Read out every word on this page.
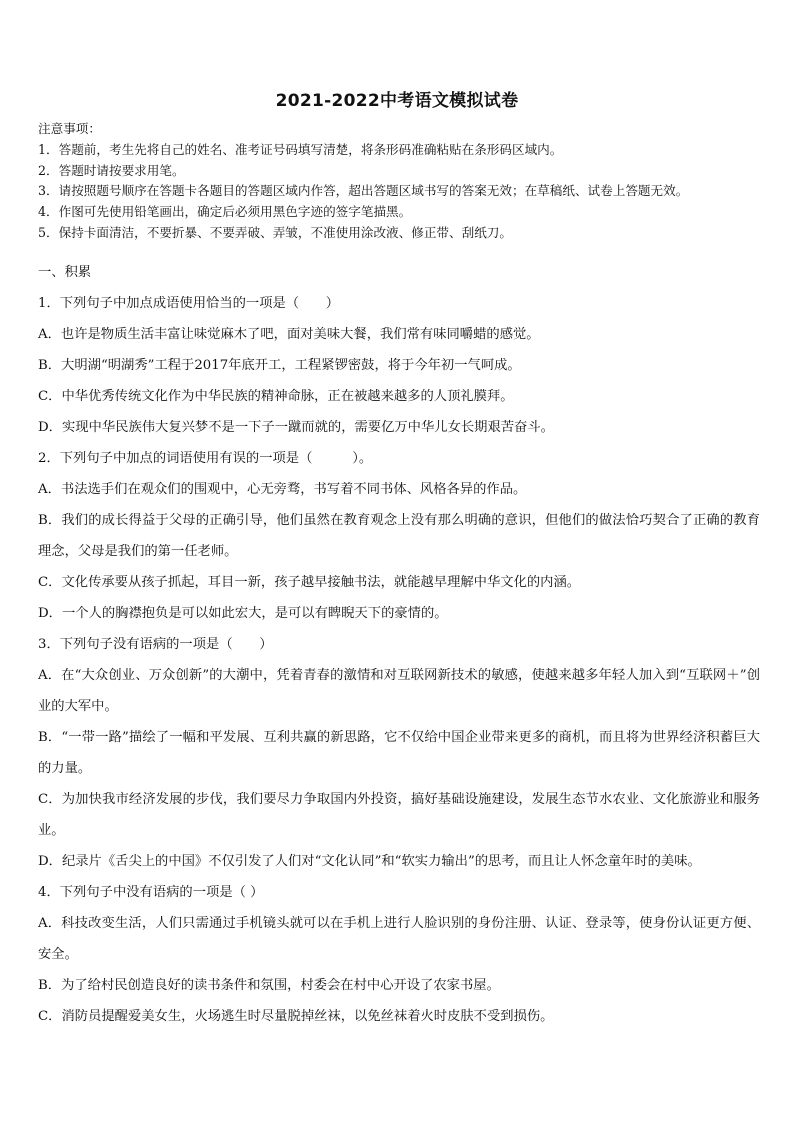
2021-2022中考语文模拟试卷
注意事项：
1．答题前，考生先将自己的姓名、准考证号码填写清楚，将条形码准确粘贴在条形码区域内。
2．答题时请按要求用笔。
3．请按照题号顺序在答题卡各题目的答题区域内作答，超出答题区域书写的答案无效；在草稿纸、试卷上答题无效。
4．作图可先使用铅笔画出，确定后必须用黑色字迹的签字笔描黑。
5．保持卡面清洁，不要折暴、不要弄破、弄皱，不准使用涂改液、修正带、刮纸刀。
一、积累
1．下列句子中加点成语使用恰当的一项是（　　）
A．也许是物质生活丰富让味觉麻木了吧，面对美味大餐，我们常有味同嚼蜡的感觉。
B．大明湖“明湖秀”工程于2017年底开工，工程紧锣密鼓，将于今年初一气呵成。
C．中华优秀传统文化作为中华民族的精神命脉，正在被越来越多的人顶礼膜拜。
D．实现中华民族伟大复兴梦不是一下子一蹴而就的，需要亿万中华儿女长期艰苦奋斗。
2．下列句子中加点的词语使用有误的一项是（　　　）。
A．书法选手们在观众们的围观中，心无旁骛，书写着不同书体、风格各异的作品。
B．我们的成长得益于父母的正确引导，他们虽然在教育观念上没有那么明确的意识，但他们的做法恰巧契合了正确的教育理念，父母是我们的第一任老师。
C．文化传承要从孩子抓起，耳目一新，孩子越早接触书法，就能越早理解中华文化的内涵。
D．一个人的胸襟抱负是可以如此宏大，是可以有睥睨天下的豪情的。
3．下列句子没有语病的一项是（　　）
A．在“大众创业、万众创新”的大潮中，凭着青春的激情和对互联网新技术的敏感，使越来越多年轻人加入到“互联网＋”创业的大军中。
B．“一带一路”描绘了一幅和平发展、互利共赢的新思路，它不仅给中国企业带来更多的商机，而且将为世界经济积蓄巨大的力量。
C．为加快我市经济发展的步伐，我们要尽力争取国内外投资，搞好基础设施建设，发展生态节水农业、文化旅游业和服务业。
D．纪录片《舌尖上的中国》不仅引发了人们对“文化认同”和“软实力输出”的思考，而且让人怀念童年时的美味。
4．下列句子中没有语病的一项是（ ）
A．科技改变生活，人们只需通过手机镜头就可以在手机上进行人脸识别的身份注册、认证、登录等，使身份认证更方便、安全。
B．为了给村民创造良好的读书条件和氛围，村委会在村中心开设了农家书屋。
C．消防员提醒爱美女生，火场逃生时尽量脱掉丝袜，以免丝袜着火时皮肤不受到损伤。
